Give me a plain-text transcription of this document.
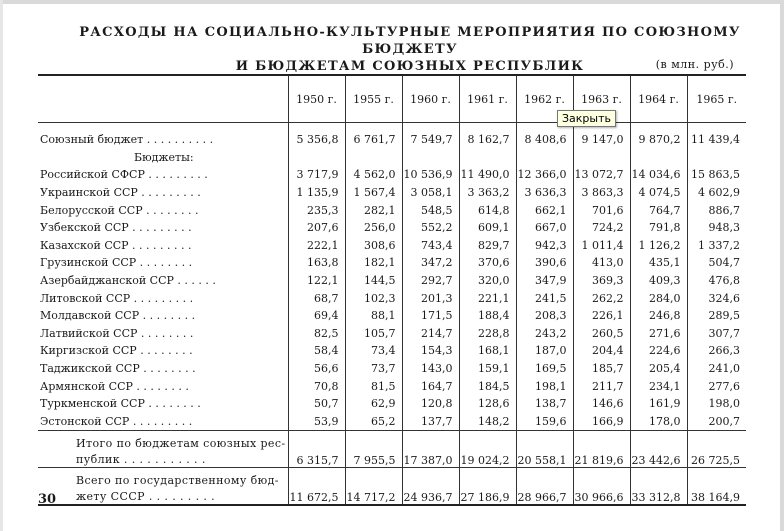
РАСХОДЫ НА СОЦИАЛЬНО-КУЛЬТУРНЫЕ МЕРОПРИЯТИЯ ПО СОЮЗНОМУ БЮДЖЕТУ
И БЮДЖЕТАМ СОЮЗНЫХ РЕСПУБЛИК	(в млн. руб.)
	1950 г.	1955 г.	1960 г.	1961 г.	1962 г.	1963 г.	1964 г.	1965 г.

Союзный бюджет . . . . . . . . . .	5 356,8	6 761,7	7 549,7	8 162,7	8 408,6	9 147,0	9 870,2	11 439,4
Бюджеты:								
Российской СФСР . . . . . . . . .	3 717,9	4 562,0	10 536,9	11 490,0	12 366,0	13 072,7	14 034,6	15 863,5
Украинской ССР . . . . . . . . .	1 135,9	1 567,4	3 058,1	3 363,2	3 636,3	3 863,3	4 074,5	4 602,9
Белорусской ССР . . . . . . . .	235,3	282,1	548,5	614,8	662,1	701,6	764,7	886,7
Узбекской ССР . . . . . . . . .	207,6	256,0	552,2	609,1	667,0	724,2	791,8	948,3
Казахской ССР . . . . . . . . .	222,1	308,6	743,4	829,7	942,3	1 011,4	1 126,2	1 337,2
Грузинской ССР . . . . . . . .	163,8	182,1	347,2	370,6	390,6	413,0	435,1	504,7
Азербайджанской ССР . . . . . .	122,1	144,5	292,7	320,0	347,9	369,3	409,3	476,8
Литовской ССР . . . . . . . . .	68,7	102,3	201,3	221,1	241,5	262,2	284,0	324,6
Молдавской ССР . . . . . . . .	69,4	88,1	171,5	188,4	208,3	226,1	246,8	289,5
Латвийской ССР . . . . . . . .	82,5	105,7	214,7	228,8	243,2	260,5	271,6	307,7
Киргизской ССР . . . . . . . .	58,4	73,4	154,3	168,1	187,0	204,4	224,6	266,3
Таджикской ССР . . . . . . . .	56,6	73,7	143,0	159,1	169,5	185,7	205,4	241,0
Армянской ССР . . . . . . . .	70,8	81,5	164,7	184,5	198,1	211,7	234,1	277,6
Туркменской ССР . . . . . . . .	50,7	62,9	120,8	128,6	138,7	146,6	161,9	198,0
Эстонской ССР . . . . . . . . .	53,9	65,2	137,7	148,2	159,6	166,9	178,0	200,7
Итого по бюджетам союзных рес-								
публик . . . . . . . . . . .	6 315,7	7 955,5	17 387,0	19 024,2	20 558,1	21 819,6	23 442,6	26 725,5
Всего по государственному бюд-								
жету СССР . . . . . . . . .	11 672,5	14 717,2	24 936,7	27 186,9	28 966,7	30 966,6	33 312,8	38 164,9
30
Закрыть
